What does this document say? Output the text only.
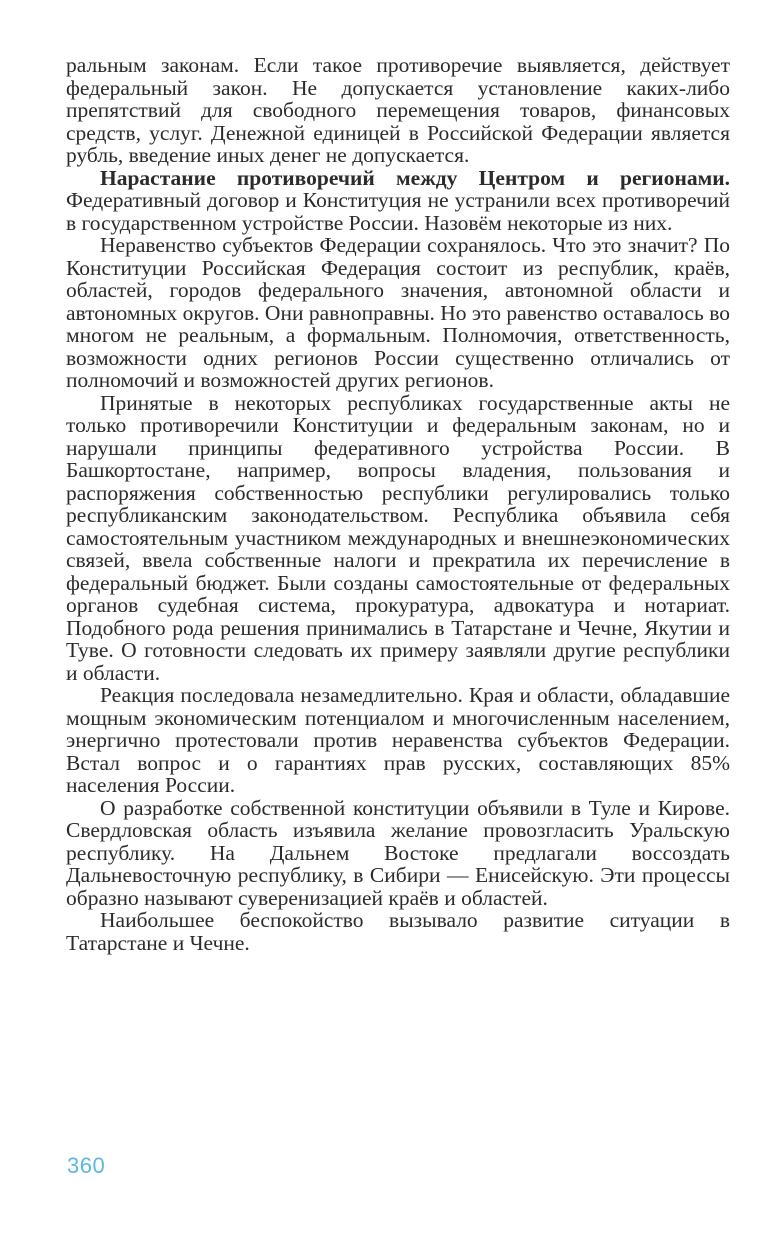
ральным законам. Если такое противоречие выявляется, действует федеральный закон. Не допускается установление каких-либо препятствий для свободного перемещения товаров, финансовых средств, услуг. Денежной единицей в Российской Федерации является рубль, введение иных денег не допускается.

Нарастание противоречий между Центром и регионами. Федеративный договор и Конституция не устранили всех противоречий в государственном устройстве России. Назовём некоторые из них.

Неравенство субъектов Федерации сохранялось. Что это значит? По Конституции Российская Федерация состоит из республик, краёв, областей, городов федерального значения, автономной области и автономных округов. Они равноправны. Но это равенство оставалось во многом не реальным, а формальным. Полномочия, ответственность, возможности одних регионов России существенно отличались от полномочий и возможностей других регионов.

Принятые в некоторых республиках государственные акты не только противоречили Конституции и федеральным законам, но и нарушали принципы федеративного устройства России. В Башкортостане, например, вопросы владения, пользования и распоряжения собственностью республики регулировались только республиканским законодательством. Республика объявила себя самостоятельным участником международных и внешнеэкономических связей, ввела собственные налоги и прекратила их перечисление в федеральный бюджет. Были созданы самостоятельные от федеральных органов судебная система, прокуратура, адвокатура и нотариат. Подобного рода решения принимались в Татарстане и Чечне, Якутии и Туве. О готовности следовать их примеру заявляли другие республики и области.

Реакция последовала незамедлительно. Края и области, обладавшие мощным экономическим потенциалом и многочисленным населением, энергично протестовали против неравенства субъектов Федерации. Встал вопрос и о гарантиях прав русских, составляющих 85% населения России.

О разработке собственной конституции объявили в Туле и Кирове. Свердловская область изъявила желание провозгласить Уральскую республику. На Дальнем Востоке предлагали воссоздать Дальневосточную республику, в Сибири — Енисейскую. Эти процессы образно называют суверенизацией краёв и областей.

Наибольшее беспокойство вызывало развитие ситуации в Татарстане и Чечне.

360
